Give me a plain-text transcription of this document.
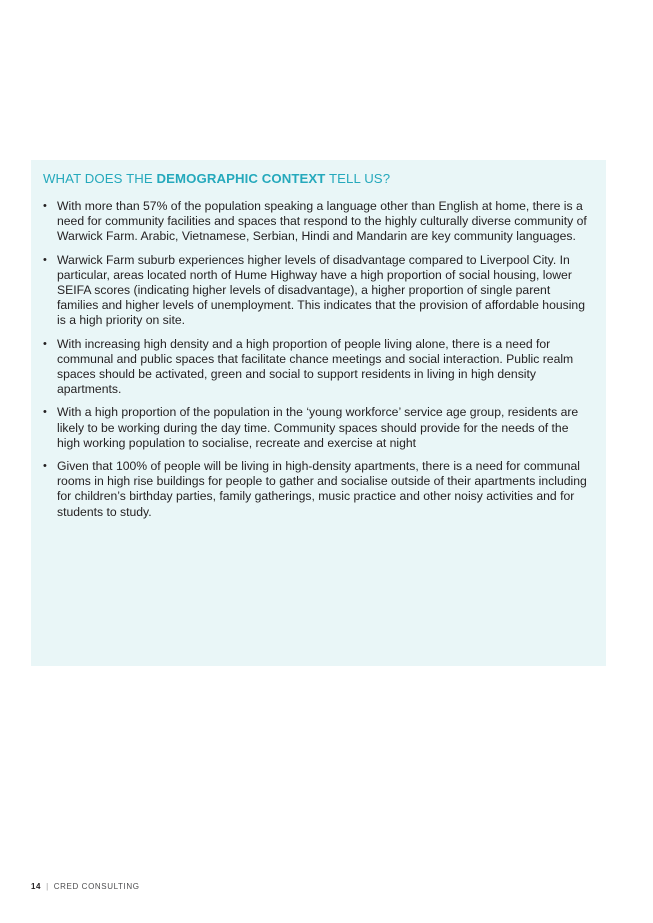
WHAT DOES THE DEMOGRAPHIC CONTEXT TELL US?
• With more than 57% of the population speaking a language other than English at home, there is a need for community facilities and spaces that respond to the highly culturally diverse community of Warwick Farm. Arabic, Vietnamese, Serbian, Hindi and Mandarin are key community languages.
• Warwick Farm suburb experiences higher levels of disadvantage compared to Liverpool City. In particular, areas located north of Hume Highway have a high proportion of social housing, lower SEIFA scores (indicating higher levels of disadvantage), a higher proportion of single parent families and higher levels of unemployment. This indicates that the provision of affordable housing is a high priority on site.
• With increasing high density and a high proportion of people living alone, there is a need for communal and public spaces that facilitate chance meetings and social interaction. Public realm spaces should be activated, green and social to support residents in living in high density apartments.
• With a high proportion of the population in the ‘young workforce’ service age group, residents are likely to be working during the day time. Community spaces should provide for the needs of the high working population to socialise, recreate and exercise at night
• Given that 100% of people will be living in high-density apartments, there is a need for communal rooms in high rise buildings for people to gather and socialise outside of their apartments including for children’s birthday parties, family gatherings, music practice and other noisy activities and for students to study.
14 | CRED CONSULTING
